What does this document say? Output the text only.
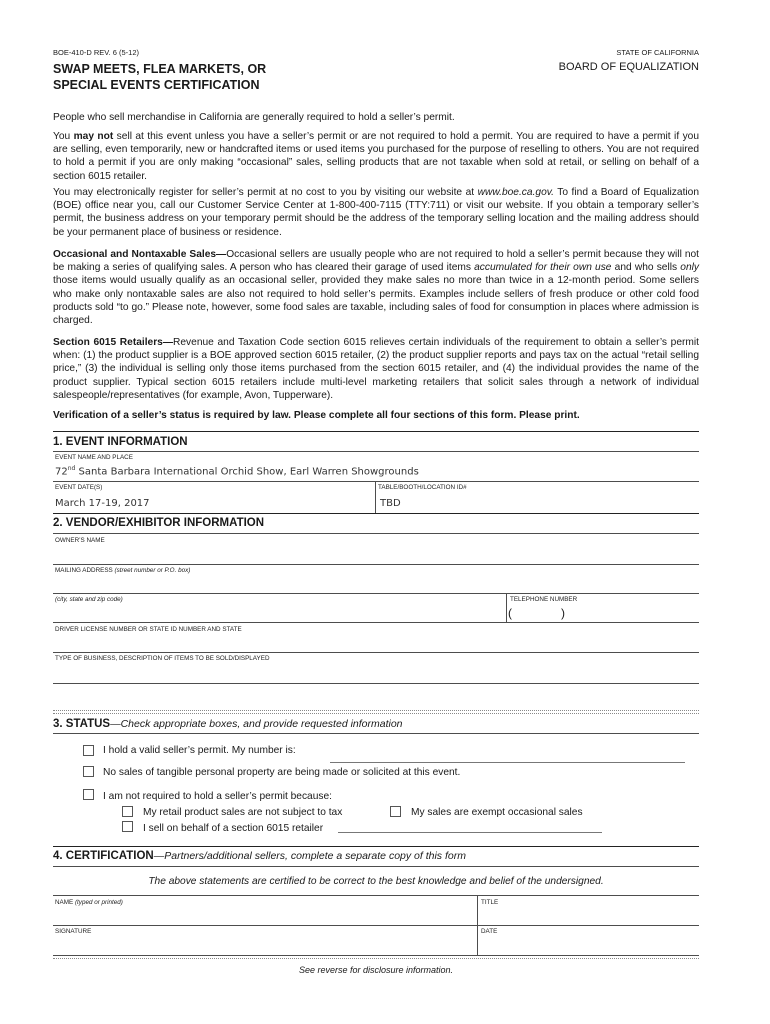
BOE-410-D REV. 6 (5-12)
SWAP MEETS, FLEA MARKETS, OR
SPECIAL EVENTS CERTIFICATION
STATE OF CALIFORNIA
BOARD OF EQUALIZATION
People who sell merchandise in California are generally required to hold a seller’s permit.
You may not sell at this event unless you have a seller’s permit or are not required to hold a permit. You are required to have a permit if you are selling, even temporarily, new or handcrafted items or used items you purchased for the purpose of reselling to others. You are not required to hold a permit if you are only making “occasional” sales, selling products that are not taxable when sold at retail, or selling on behalf of a section 6015 retailer.
You may electronically register for seller’s permit at no cost to you by visiting our website at www.boe.ca.gov. To find a Board of Equalization (BOE) office near you, call our Customer Service Center at 1-800-400-7115 (TTY:711) or visit our website. If you obtain a temporary seller’s permit, the business address on your temporary permit should be the address of the temporary selling location and the mailing address should be your permanent place of business or residence.
Occasional and Nontaxable Sales—Occasional sellers are usually people who are not required to hold a seller’s permit because they will not be making a series of qualifying sales. A person who has cleared their garage of used items accumulated for their own use and who sells only those items would usually qualify as an occasional seller, provided they make sales no more than twice in a 12-month period. Some sellers who make only nontaxable sales are also not required to hold seller’s permits. Examples include sellers of fresh produce or other cold food products sold “to go.” Please note, however, some food sales are taxable, including sales of food for consumption in places where admission is charged.
Section 6015 Retailers—Revenue and Taxation Code section 6015 relieves certain individuals of the requirement to obtain a seller’s permit when: (1) the product supplier is a BOE approved section 6015 retailer, (2) the product supplier reports and pays tax on the actual “retail selling price,” (3) the individual is selling only those items purchased from the section 6015 retailer, and (4) the individual provides the name of the product supplier. Typical section 6015 retailers include multi-level marketing retailers that solicit sales through a network of individual salespeople/representatives (for example, Avon, Tupperware).
Verification of a seller’s status is required by law. Please complete all four sections of this form. Please print.
1. EVENT INFORMATION
EVENT NAME AND PLACE
72nd Santa Barbara International Orchid Show, Earl Warren Showgrounds
EVENT DATE(S)	TABLE/BOOTH/LOCATION ID#
March 17-19, 2017	TBD
2. VENDOR/EXHIBITOR INFORMATION
OWNER’S NAME
MAILING ADDRESS (street number or P.O. box)
(city, state and zip code)	TELEPHONE NUMBER
(	)
DRIVER LICENSE NUMBER OR STATE ID NUMBER AND STATE
TYPE OF BUSINESS, DESCRIPTION OF ITEMS TO BE SOLD/DISPLAYED
3. STATUS—Check appropriate boxes, and provide requested information
I hold a valid seller’s permit. My number is:
No sales of tangible personal property are being made or solicited at this event.
I am not required to hold a seller’s permit because:
My retail product sales are not subject to tax	My sales are exempt occasional sales
I sell on behalf of a section 6015 retailer
4. CERTIFICATION—Partners/additional sellers, complete a separate copy of this form
The above statements are certified to be correct to the best knowledge and belief of the undersigned.
NAME (typed or printed)	TITLE
SIGNATURE	DATE
See reverse for disclosure information.
